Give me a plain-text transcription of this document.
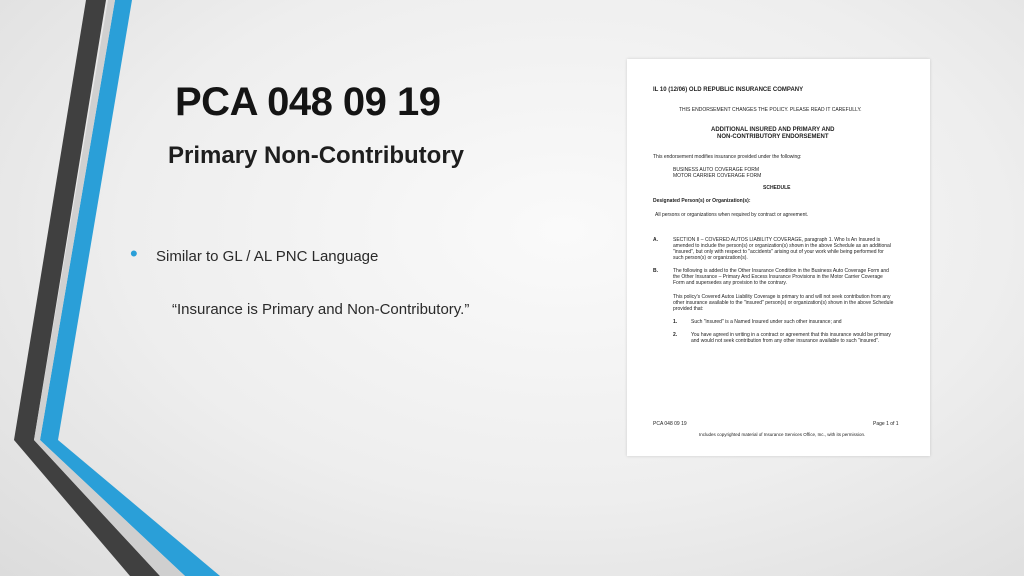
PCA 048 09 19
Primary Non-Contributory
• Similar to GL / AL PNC Language
“Insurance is Primary and Non-Contributory.”
IL 10 (12/06) OLD REPUBLIC INSURANCE COMPANY
THIS ENDORSEMENT CHANGES THE POLICY. PLEASE READ IT CAREFULLY.
ADDITIONAL INSURED AND PRIMARY AND
NON-CONTRIBUTORY ENDORSEMENT
This endorsement modifies insurance provided under the following:
BUSINESS AUTO COVERAGE FORM
MOTOR CARRIER COVERAGE FORM
SCHEDULE
Designated Person(s) or Organization(s):
All persons or organizations when required by contract or agreement.
A.	SECTION II – COVERED AUTOS LIABILITY COVERAGE, paragraph 1. Who Is An Insured is
amended to include the person(s) or organization(s) shown in the above Schedule as an additional
"insured", but only with respect to "accidents" arising out of your work while being performed for
such person(s) or organization(s).
B.	The following is added to the Other Insurance Condition in the Business Auto Coverage Form and
the Other Insurance – Primary And Excess Insurance Provisions in the Motor Carrier Coverage
Form and supersedes any provision to the contrary.
This policy's Covered Autos Liability Coverage is primary to and will not seek contribution from any
other insurance available to the "insured" person(s) or organization(s) shown in the above Schedule
provided that:
1.	Such "insured" is a Named Insured under such other insurance; and
2.	You have agreed in writing in a contract or agreement that this insurance would be primary
and would not seek contribution from any other insurance available to such "insured".
PCA 048 09 19	Page 1 of 1
Includes copyrighted material of Insurance Services Office, Inc., with its permission.
